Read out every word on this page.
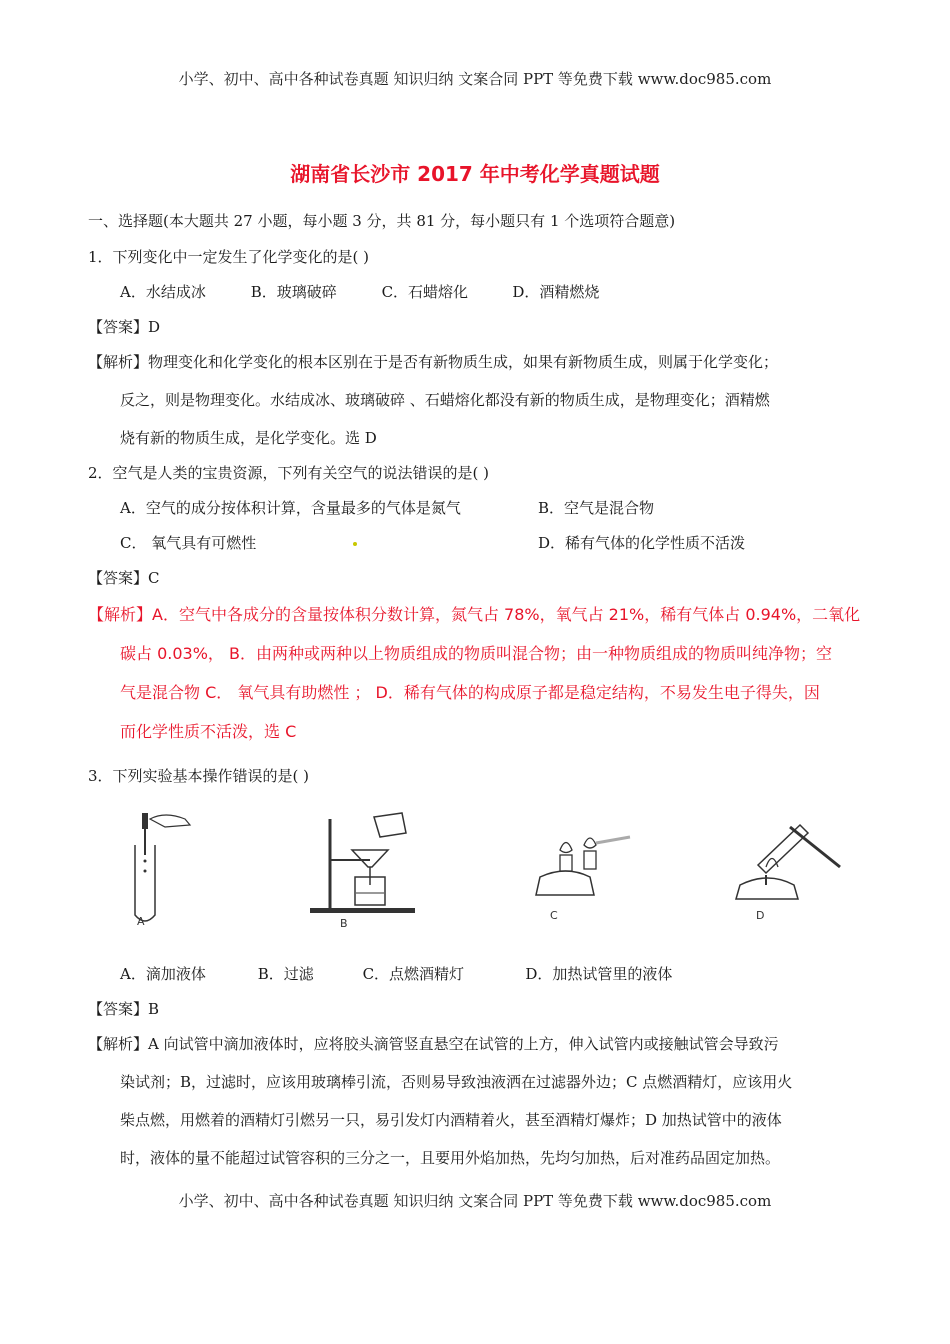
小学、初中、高中各种试卷真题 知识归纳 文案合同 PPT 等免费下载 www.doc985.com
湖南省长沙市 2017 年中考化学真题试题
一、选择题(本大题共 27 小题，每小题 3 分，共 81 分，每小题只有 1 个选项符合题意)
1．下列变化中一定发生了化学变化的是( )
A．水结成冰	B．玻璃破碎	C．石蜡熔化	D．酒精燃烧
【答案】D
【解析】物理变化和化学变化的根本区别在于是否有新物质生成，如果有新物质生成，则属于化学变化；
反之，则是物理变化。水结成冰、玻璃破碎 、石蜡熔化都没有新的物质生成，是物理变化；酒精燃
烧有新的物质生成，是化学变化。选 D
2．空气是人类的宝贵资源，下列有关空气的说法错误的是( )
A．空气的成分按体积计算，含量最多的气体是氮气	B．空气是混合物
C． 氧气具有可燃性	D．稀有气体的化学性质不活泼
【答案】C
【解析】A．空气中各成分的含量按体积分数计算，氮气占 78%，氧气占 21%，稀有气体占 0.94%，二氧化
碳占 0.03%， B．由两种或两种以上物质组成的物质叫混合物；由一种物质组成的物质叫纯净物；空
气是混合物 C． 氧气具有助燃性 ； D．稀有气体的构成原子都是稳定结构，不易发生电子得失，因
而化学性质不活泼，选 C
3．下列实验基本操作错误的是( )
A	B
C	D
A．滴加液体	B．过滤	C．点燃酒精灯	D．加热试管里的液体
【答案】B
【解析】A 向试管中滴加液体时，应将胶头滴管竖直悬空在试管的上方，伸入试管内或接触试管会导致污
染试剂；B，过滤时，应该用玻璃棒引流，否则易导致浊液洒在过滤器外边；C 点燃酒精灯，应该用火
柴点燃，用燃着的酒精灯引燃另一只，易引发灯内酒精着火，甚至酒精灯爆炸；D 加热试管中的液体
时，液体的量不能超过试管容积的三分之一，且要用外焰加热，先均匀加热，后对准药品固定加热。
小学、初中、高中各种试卷真题 知识归纳 文案合同 PPT 等免费下载 www.doc985.com
